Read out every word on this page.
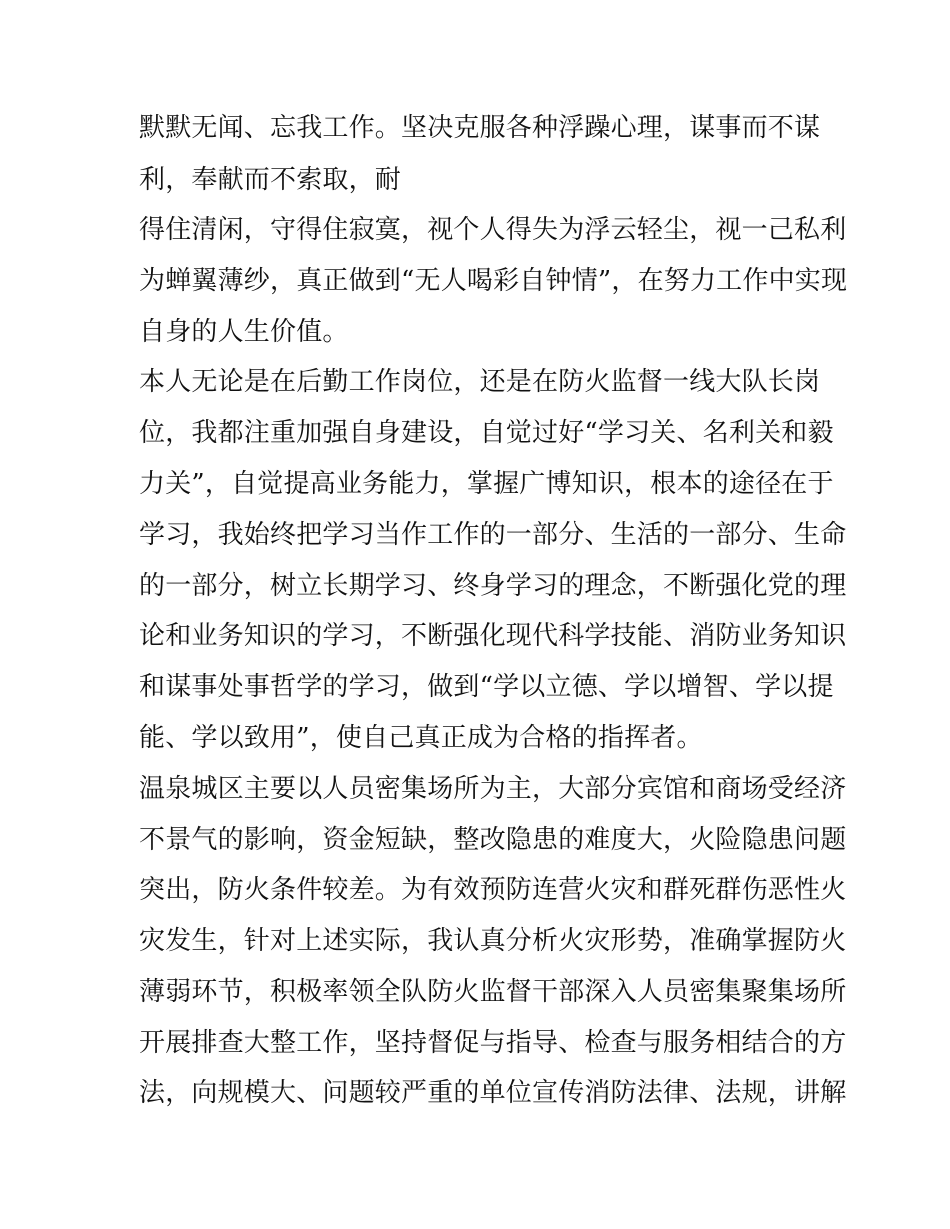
默默无闻、忘我工作。坚决克服各种浮躁心理，谋事而不谋
利，奉献而不索取，耐
得住清闲，守得住寂寞，视个人得失为浮云轻尘，视一己私利
为蝉翼薄纱，真正做到“无人喝彩自钟情”，在努力工作中实现
自身的人生价值。
本人无论是在后勤工作岗位，还是在防火监督一线大队长岗
位，我都注重加强自身建设，自觉过好“学习关、名利关和毅
力关”，自觉提高业务能力，掌握广博知识，根本的途径在于
学习，我始终把学习当作工作的一部分、生活的一部分、生命
的一部分，树立长期学习、终身学习的理念，不断强化党的理
论和业务知识的学习，不断强化现代科学技能、消防业务知识
和谋事处事哲学的学习，做到“学以立德、学以增智、学以提
能、学以致用”，使自己真正成为合格的指挥者。
温泉城区主要以人员密集场所为主，大部分宾馆和商场受经济
不景气的影响，资金短缺，整改隐患的难度大，火险隐患问题
突出，防火条件较差。为有效预防连营火灾和群死群伤恶性火
灾发生，针对上述实际，我认真分析火灾形势，准确掌握防火
薄弱环节，积极率领全队防火监督干部深入人员密集聚集场所
开展排查大整工作，坚持督促与指导、检查与服务相结合的方
法，向规模大、问题较严重的单位宣传消防法律、法规，讲解
